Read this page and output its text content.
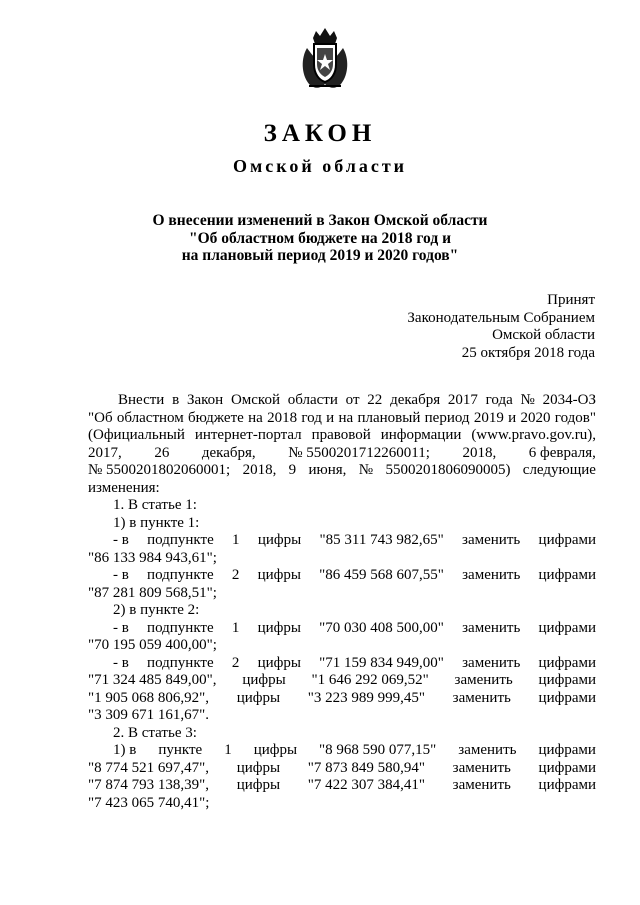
ЗАКОН
Омской области
О внесении изменений в Закон Омской области
"Об областном бюджете на 2018 год и
на плановый период 2019 и 2020 годов"
Принят
Законодательным Собранием
Омской области
25 октября 2018 года
Внести в Закон Омской области от 22 декабря 2017 года № 2034-ОЗ
"Об областном бюджете на 2018 год и на плановый период 2019 и 2020 годов"
(Официальный интернет-портал правовой информации (www.pravo.gov.ru),
2017, 26 декабря, № 5500201712260011; 2018, 6 февраля,
№ 5500201802060001; 2018, 9 июня, № 5500201806090005) следующие
изменения:
1. В статье 1:
1) в пункте 1:
- в подпункте 1 цифры "85 311 743 982,65" заменить цифрами
"86 133 984 943,61";
- в подпункте 2 цифры "86 459 568 607,55" заменить цифрами
"87 281 809 568,51";
2) в пункте 2:
- в подпункте 1 цифры "70 030 408 500,00" заменить цифрами
"70 195 059 400,00";
- в подпункте 2 цифры "71 159 834 949,00" заменить цифрами
"71 324 485 849,00", цифры "1 646 292 069,52" заменить цифрами
"1 905 068 806,92", цифры "3 223 989 999,45" заменить цифрами
"3 309 671 161,67".
2. В статье 3:
1) в пункте 1 цифры "8 968 590 077,15" заменить цифрами
"8 774 521 697,47", цифры "7 873 849 580,94" заменить цифрами
"7 874 793 138,39", цифры "7 422 307 384,41" заменить цифрами
"7 423 065 740,41";
